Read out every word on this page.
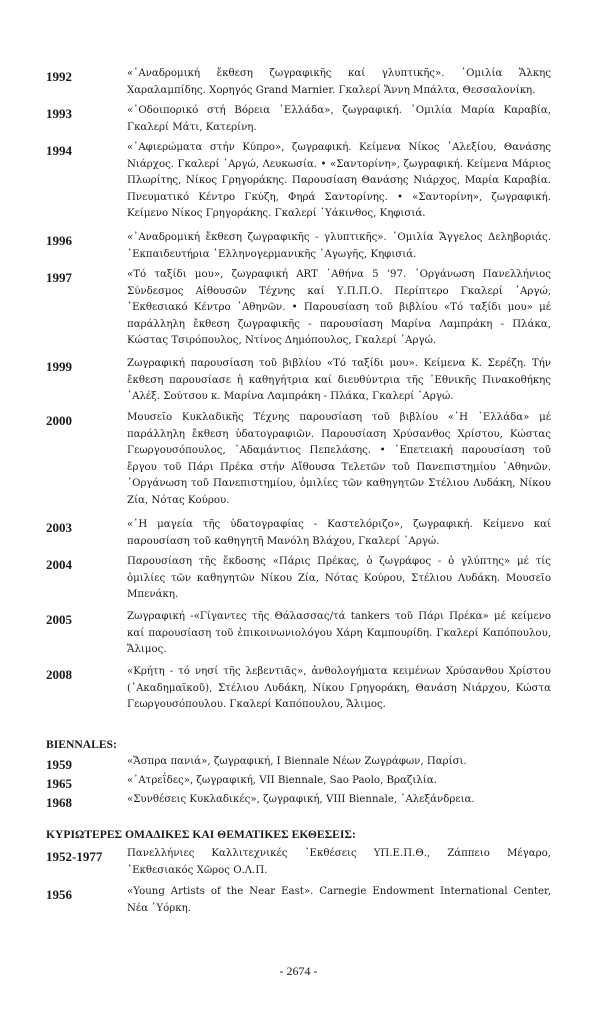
1992	«᾿Αναδρομική ἔκθεση ζωγραφικῆς καί γλυπτικῆς». ῾Ομιλία Ἄλκης Χαραλαμπίδης. Χορηγός Grand Marnier. Γκαλερί Ἄννη Μπάλτα, Θεσσαλονίκη.
1993	«᾿Οδοιπορικό στή Βόρεια ῾Ελλάδα», ζωγραφική. ῾Ομιλία Μαρία Καραβία, Γκαλερί Μάτι, Κατερίνη.
1994	«᾿Αφιερώματα στήν Κύπρο», ζωγραφική. Κείμενα Νίκος ᾿Αλεξίου, Θανάσης Νιάρχος. Γκαλερί ᾿Αργώ, Λευκωσία. • «Σαντορίνη», ζωγραφική. Κείμενα Μάριος Πλωρίτης, Νίκος Γρηγοράκης. Παρουσίαση Θανάσης Νιάρχος, Μαρία Καραβία. Πνευματικό Κέντρο Γκύζη, Φηρά Σαντορίνης. • «Σαντορίνη», ζωγραφική. Κείμενο Νίκος Γρηγοράκης. Γκαλερί ῾Υάκινθος, Κηφισιά.
1996	«᾿Αναδρομική ἔκθεση ζωγραφικῆς - γλυπτικῆς». ῾Ομιλία Ἄγγελος Δεληβοριάς. ᾿Εκπαιδευτήρια ᾿Ελληνογερμανικῆς ᾿Αγωγῆς, Κηφισιά.
1997	«Τό ταξίδι μου», ζωγραφική ART ᾿Αθήνα 5 ’97. ᾿Οργάνωση Πανελλήνιος Σύνδεσμος Αἰθουσῶν Τέχνης καί Υ.Π.Π.Ο. Περίπτερο Γκαλερί ᾿Αργώ, ᾿Εκθεσιακό Κέντρο ᾿Αθηνῶν. • Παρουσίαση τοῦ βιβλίου «Τό ταξίδι μου» μέ παράλληλη ἔκθεση ζωγραφικῆς - παρουσίαση Μαρίνα Λαμπράκη - Πλάκα, Κώστας Τσιρόπουλος, Ντίνος Δημόπουλος, Γκαλερί ᾿Αργώ.
1999	Ζωγραφική παρουσίαση τοῦ βιβλίου «Τό ταξίδι μου». Κείμενα Κ. Σερέζη. Τήν ἔκθεση παρουσίασε ἡ καθηγήτρια καί διευθύντρια τῆς ᾿Εθνικῆς Πινακοθήκης ᾿Αλέξ. Σούτσου κ. Μαρίνα Λαμπράκη - Πλάκα, Γκαλερί ᾿Αργώ.
2000	Μουσεῖο Κυκλαδικῆς Τέχνης παρουσίαση τοῦ βιβλίου «῾Η ῾Ελλάδα» μέ παράλληλη ἔκθεση ὑδατογραφιῶν. Παρουσίαση Χρύσανθος Χρίστου, Κώστας Γεωργουσόπουλος, ᾿Αδαμάντιος Πεπελάσης. • ᾿Επετειακή παρουσίαση τοῦ ἔργου τοῦ Πάρι Πρέκα στήν Αἴθουσα Τελετῶν τοῦ Πανεπιστημίου ᾿Αθηνῶν. ᾿Οργάνωση τοῦ Πανεπιστημίου, ὁμιλίες τῶν καθηγητῶν Στέλιου Λυδάκη, Νίκου Ζία, Νότας Κούρου.
2003	«῾Η μαγεία τῆς ὑδατογραφίας - Καστελόριζο», ζωγραφική. Κείμενο καί παρουσίαση τοῦ καθηγητῆ Μανόλη Βλάχου, Γκαλερί ᾿Αργώ.
2004	Παρουσίαση τῆς ἔκδοσης «Πάρις Πρέκας, ὁ ζωγράφος - ὁ γλύπτης» μέ τίς ὁμιλίες τῶν καθηγητῶν Νίκου Ζία, Νότας Κούρου, Στέλιου Λυδάκη. Μουσεῖο Μπενάκη.
2005	Ζωγραφική -«Γίγαντες τῆς Θάλασσας/τά tankers τοῦ Πάρι Πρέκα» μέ κείμενο καί παρουσίαση τοῦ ἐπικοινωνιολόγου Χάρη Καμπουρίδη. Γκαλερί Καπόπουλου, Ἄλιμος.
2008	«Κρήτη - τό νησί τῆς λεβεντιᾶς», ἀνθολογήματα κειμένων Χρύσανθου Χρίστου (᾿Ακαδημαϊκοῦ), Στέλιου Λυδάκη, Νίκου Γρηγοράκη, Θανάση Νιάρχου, Κώστα Γεωργουσόπουλου. Γκαλερί Καπόπουλου, Ἄλιμος.
BIENNALES:
1959	«Ἄσπρα πανιά», ζωγραφική, I Biennale Νέων Ζωγράφων, Παρίσι.
1965	«᾿Ατρεΐδες», ζωγραφική, VII Biennale, Sao Paolo, Βραζιλία.
1968	«Συνθέσεις Κυκλαδικές», ζωγραφική, VIII Biennale, ᾿Αλεξάνδρεια.
ΚΥΡΙΩΤΕΡΕΣ ΟΜΑΔΙΚΕΣ ΚΑΙ ΘΕΜΑΤΙΚΕΣ ΕΚΘΕΣΕΙΣ:
1952-1977 Πανελλήνιες Καλλιτεχνικές ᾿Εκθέσεις ΥΠ.Ε.Π.Θ., Ζάππειο Μέγαρο, ᾿Εκθεσιακός Χῶρος Ο.Λ.Π.
1956	«Young Artists of the Near East». Carnegie Endowment International Center, Νέα ῾Υόρκη.
- 2674 -
